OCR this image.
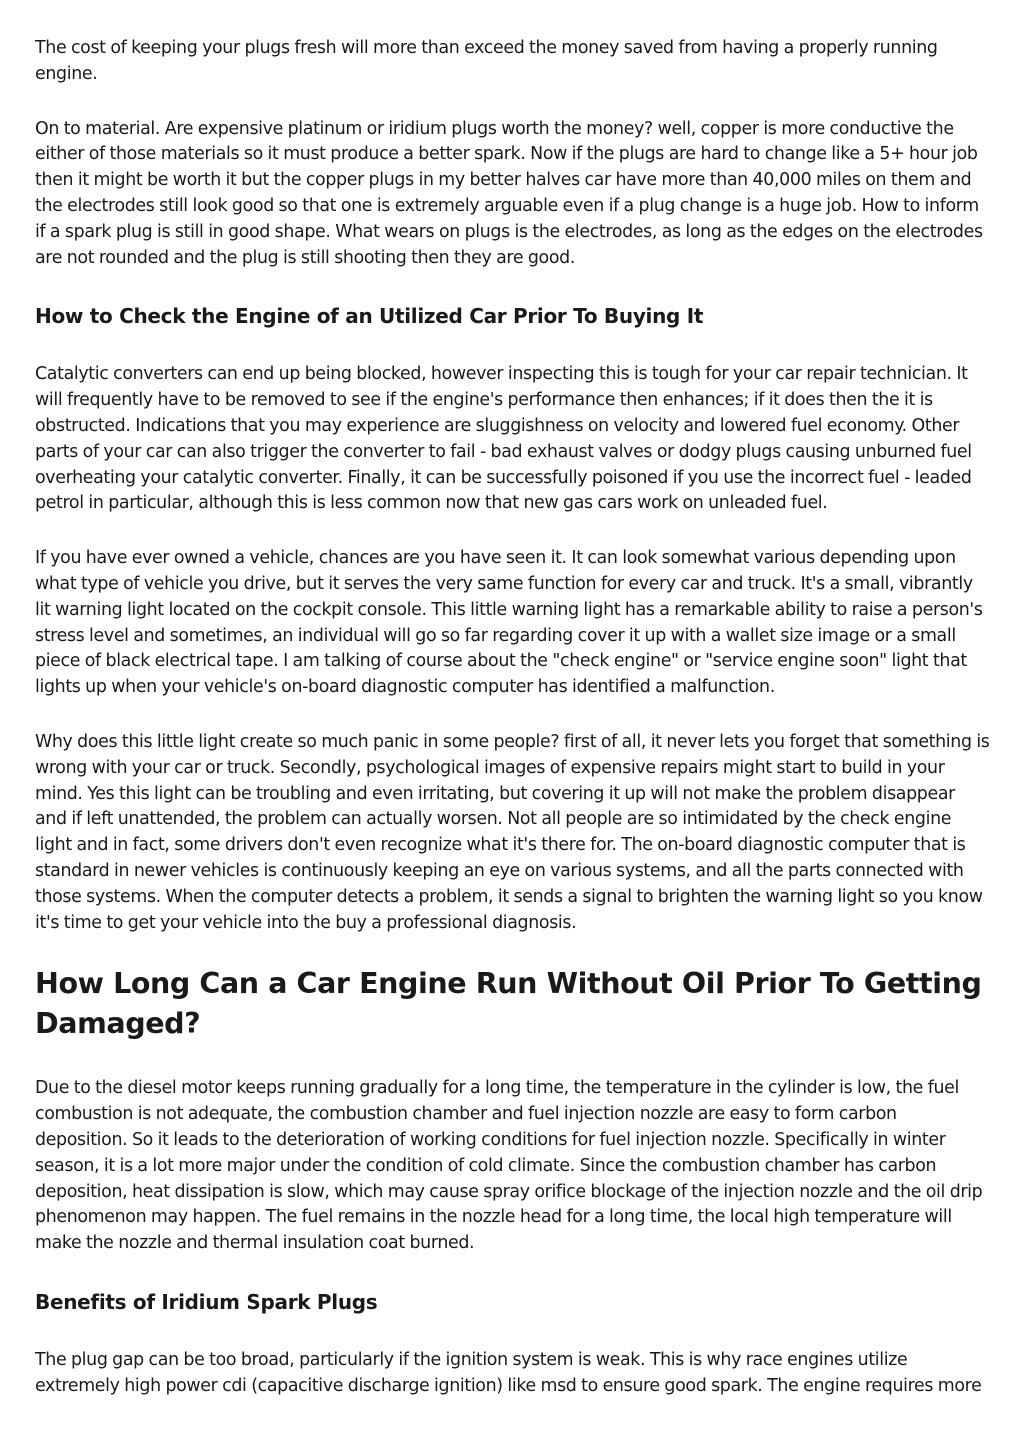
The cost of keeping your plugs fresh will more than exceed the money saved from having a properly running engine.

On to material. Are expensive platinum or iridium plugs worth the money? well, copper is more conductive the either of those materials so it must produce a better spark. Now if the plugs are hard to change like a 5+ hour job then it might be worth it but the copper plugs in my better halves car have more than 40,000 miles on them and the electrodes still look good so that one is extremely arguable even if a plug change is a huge job. How to inform if a spark plug is still in good shape. What wears on plugs is the electrodes, as long as the edges on the electrodes are not rounded and the plug is still shooting then they are good.

How to Check the Engine of an Utilized Car Prior To Buying It

Catalytic converters can end up being blocked, however inspecting this is tough for your car repair technician. It will frequently have to be removed to see if the engine's performance then enhances; if it does then the it is obstructed. Indications that you may experience are sluggishness on velocity and lowered fuel economy. Other parts of your car can also trigger the converter to fail - bad exhaust valves or dodgy plugs causing unburned fuel overheating your catalytic converter. Finally, it can be successfully poisoned if you use the incorrect fuel - leaded petrol in particular, although this is less common now that new gas cars work on unleaded fuel.

If you have ever owned a vehicle, chances are you have seen it. It can look somewhat various depending upon what type of vehicle you drive, but it serves the very same function for every car and truck. It's a small, vibrantly lit warning light located on the cockpit console. This little warning light has a remarkable ability to raise a person's stress level and sometimes, an individual will go so far regarding cover it up with a wallet size image or a small piece of black electrical tape. I am talking of course about the "check engine" or "service engine soon" light that lights up when your vehicle's on-board diagnostic computer has identified a malfunction.

Why does this little light create so much panic in some people? first of all, it never lets you forget that something is wrong with your car or truck. Secondly, psychological images of expensive repairs might start to build in your mind. Yes this light can be troubling and even irritating, but covering it up will not make the problem disappear and if left unattended, the problem can actually worsen. Not all people are so intimidated by the check engine light and in fact, some drivers don't even recognize what it's there for. The on-board diagnostic computer that is standard in newer vehicles is continuously keeping an eye on various systems, and all the parts connected with those systems. When the computer detects a problem, it sends a signal to brighten the warning light so you know it's time to get your vehicle into the buy a professional diagnosis.

How Long Can a Car Engine Run Without Oil Prior To Getting Damaged?

Due to the diesel motor keeps running gradually for a long time, the temperature in the cylinder is low, the fuel combustion is not adequate, the combustion chamber and fuel injection nozzle are easy to form carbon deposition. So it leads to the deterioration of working conditions for fuel injection nozzle. Specifically in winter season, it is a lot more major under the condition of cold climate. Since the combustion chamber has carbon deposition, heat dissipation is slow, which may cause spray orifice blockage of the injection nozzle and the oil drip phenomenon may happen. The fuel remains in the nozzle head for a long time, the local high temperature will make the nozzle and thermal insulation coat burned.

Benefits of Iridium Spark Plugs

The plug gap can be too broad, particularly if the ignition system is weak. This is why race engines utilize extremely high power cdi (capacitive discharge ignition) like msd to ensure good spark. The engine requires more
